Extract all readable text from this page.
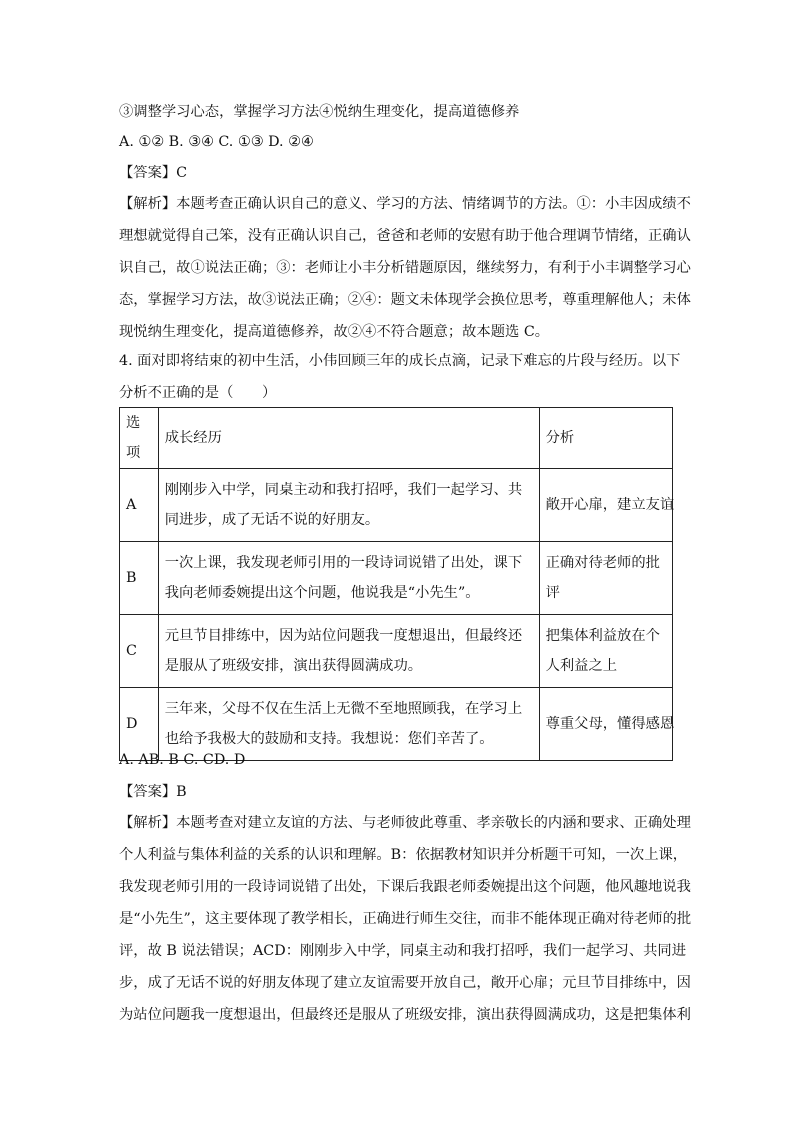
③调整学习心态，掌握学习方法④悦纳生理变化，提高道德修养
A. ①② B. ③④ C. ①③ D. ②④
【答案】C
【解析】本题考查正确认识自己的意义、学习的方法、情绪调节的方法。①：小丰因成绩不
理想就觉得自己笨，没有正确认识自己，爸爸和老师的安慰有助于他合理调节情绪，正确认
识自己，故①说法正确；③：老师让小丰分析错题原因，继续努力，有利于小丰调整学习心
态，掌握学习方法，故③说法正确；②④：题文未体现学会换位思考，尊重理解他人；未体
现悦纳生理变化，提高道德修养，故②④不符合题意；故本题选 C。
4. 面对即将结束的初中生活，小伟回顾三年的成长点滴，记录下难忘的片段与经历。以下
分析不正确的是（　　）
选项	成长经历	分析
A	刚刚步入中学，同桌主动和我打招呼，我们一起学习、共
同进步，成了无话不说的好朋友。	敞开心扉，建立友谊

B	一次上课，我发现老师引用的一段诗词说错了出处，课下
我向老师委婉提出这个问题，他说我是“小先生”。	正确对待老师的批
评

C	元旦节目排练中，因为站位问题我一度想退出，但最终还
是服从了班级安排，演出获得圆满成功。	把集体利益放在个
人利益之上

D	三年来，父母不仅在生活上无微不至地照顾我，在学习上
也给予我极大的鼓励和支持。我想说：您们辛苦了。	尊重父母，懂得感恩
A. AB. B C. CD. D
【答案】B
【解析】本题考查对建立友谊的方法、与老师彼此尊重、孝亲敬长的内涵和要求、正确处理
个人利益与集体利益的关系的认识和理解。B：依据教材知识并分析题干可知，一次上课，
我发现老师引用的一段诗词说错了出处，下课后我跟老师委婉提出这个问题，他风趣地说我
是“小先生”，这主要体现了教学相长，正确进行师生交往，而非不能体现正确对待老师的批
评，故 B 说法错误；ACD：刚刚步入中学，同桌主动和我打招呼，我们一起学习、共同进
步，成了无话不说的好朋友体现了建立友谊需要开放自己，敞开心扉；元旦节目排练中，因
为站位问题我一度想退出，但最终还是服从了班级安排，演出获得圆满成功，这是把集体利
